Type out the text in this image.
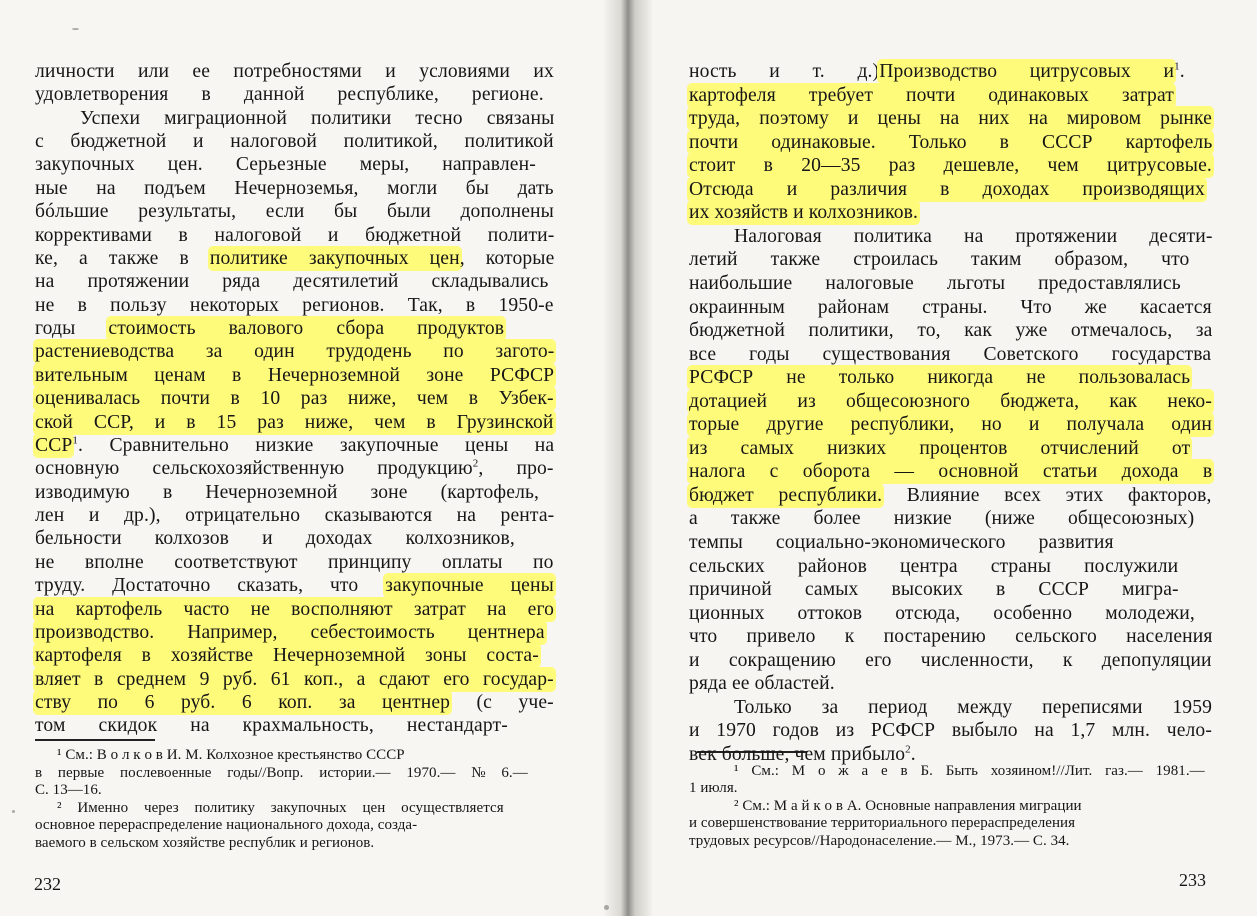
232	233
личности или ее потребностями и условиями их
удовлетворения в данной республике, регионе.
Успехи миграционной политики тесно связаны
с бюджетной и налоговой политикой, политикой
закупочных цен. Серьезные меры, направлен-
ные на подъем Нечерноземья, могли бы дать
бóльшие результаты, если бы были дополнены
коррективами в налоговой и бюджетной полити-
ке, а также в политике закупочных цен, которые
на протяжении ряда десятилетий складывались
не в пользу некоторых регионов. Так, в 1950-е
годы стоимость валового сбора продуктов
растениеводства за один трудодень по загото-
вительным ценам в Нечерноземной зоне РСФСР
оценивалась почти в 10 раз ниже, чем в Узбек-
ской ССР, и в 15 раз ниже, чем в Грузинской
ССР$^1$. Сравнительно низкие закупочные цены на
основную сельскохозяйственную продукцию$^2$, про-
изводимую в Нечерноземной зоне (картофель,
лен и др.), отрицательно сказываются на рента-
бельности колхозов и доходах колхозников,
не вполне соответствуют принципу оплаты по
труду. Достаточно сказать, что закупочные цены
на картофель часто не восполняют затрат на его
производство. Например, себестоимость центнера
картофеля в хозяйстве Нечерноземной зоны соста-
вляет в среднем 9 руб. 61 коп., а сдают его государ-
ству по 6 руб. 6 коп. за центнер (с уче-
том скидок на крахмальность, нестандарт-
ность и т. д.)Производство цитрусовых $и^1$.
картофеля требует почти одинаковых затрат
труда, поэтому и цены на них на мировом рынке
почти одинаковые. Только в СССР картофель
стоит в 20—35 раз дешевле, чем цитрусовые.
Отсюда и различия в доходах производящих
их хозяйств и колхозников.
Налоговая политика на протяжении десяти-
летий также строилась таким образом, что
наибольшие налоговые льготы предоставлялись
окраинным районам страны. Что же касается
бюджетной политики, то, как уже отмечалось, за
все годы существования Советского государства
РСФСР не только никогда не пользовалась
дотацией из общесоюзного бюджета, как неко-
торые другие республики, но и получала один
из самых низких процентов отчислений от
налога с оборота — основной статьи дохода в
бюджет республики. Влияние всех этих факторов,
а также более низкие (ниже общесоюзных)
темпы социально-экономического развития
сельских районов центра страны послужили
причиной самых высоких в СССР мигра-
ционных оттоков отсюда, особенно молодежи,
что привело к постарению сельского населения
и сокращению его численности, к депопуляции
ряда ее областей.
Только за период между переписями 1959
и 1970 годов из РСФСР выбыло на 1,7 млн. чело-
век больше, чем прибыло$^2$.
¹ См.: В о л к о в И. М. Колхозное крестьянство СССР
в первые послевоенные годы//Вопр. истории.— 1970.— № 6.—
С. 13—16.
² Именно через политику закупочных цен осуществляется
основное перераспределение национального дохода, созда-
ваемого в сельском хозяйстве республик и регионов.
¹ См.: М о ж а е в Б. Быть хозяином!//Лит. газ.— 1981.—
1 июля.
² См.: М а й к о в А. Основные направления миграции
и совершенствование территориального перераспределения
трудовых ресурсов//Народонаселение.— М., 1973.— С. 34.
